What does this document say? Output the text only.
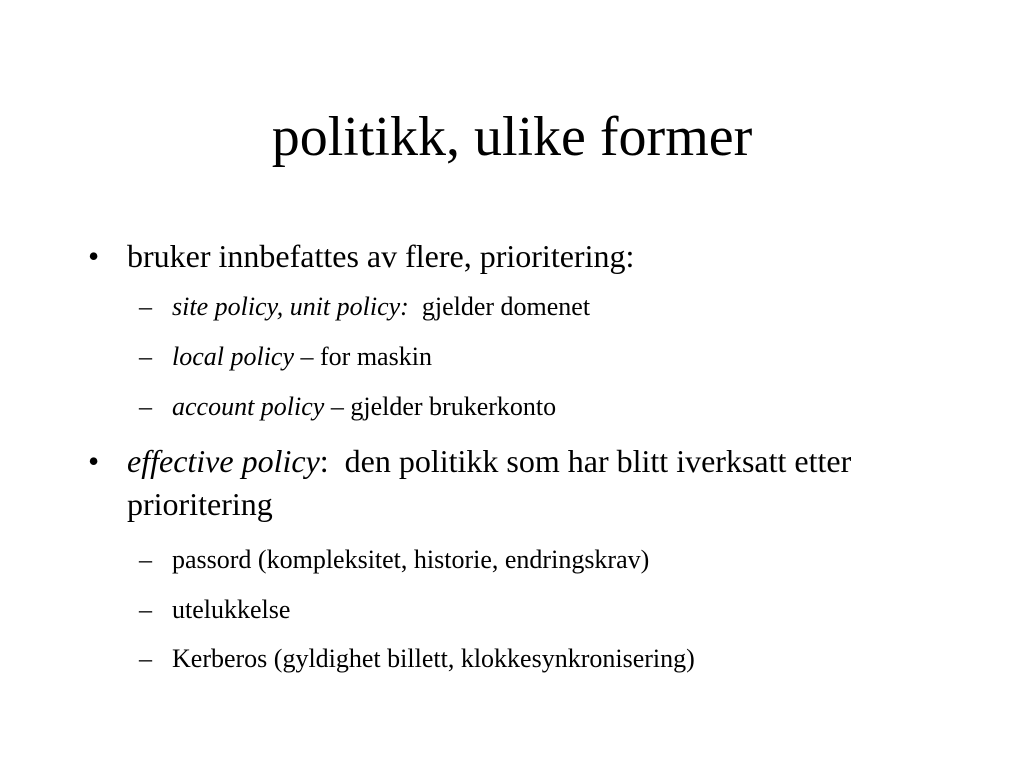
politikk, ulike former
• bruker innbefattes av flere, prioritering:
– site policy, unit policy:  gjelder domenet
– local policy – for maskin
– account policy – gjelder brukerkonto
• effective policy:  den politikk som har blitt iverksatt etter prioritering
– passord (kompleksitet, historie, endringskrav)
– utelukkelse
– Kerberos (gyldighet billett, klokkesynkronisering)
